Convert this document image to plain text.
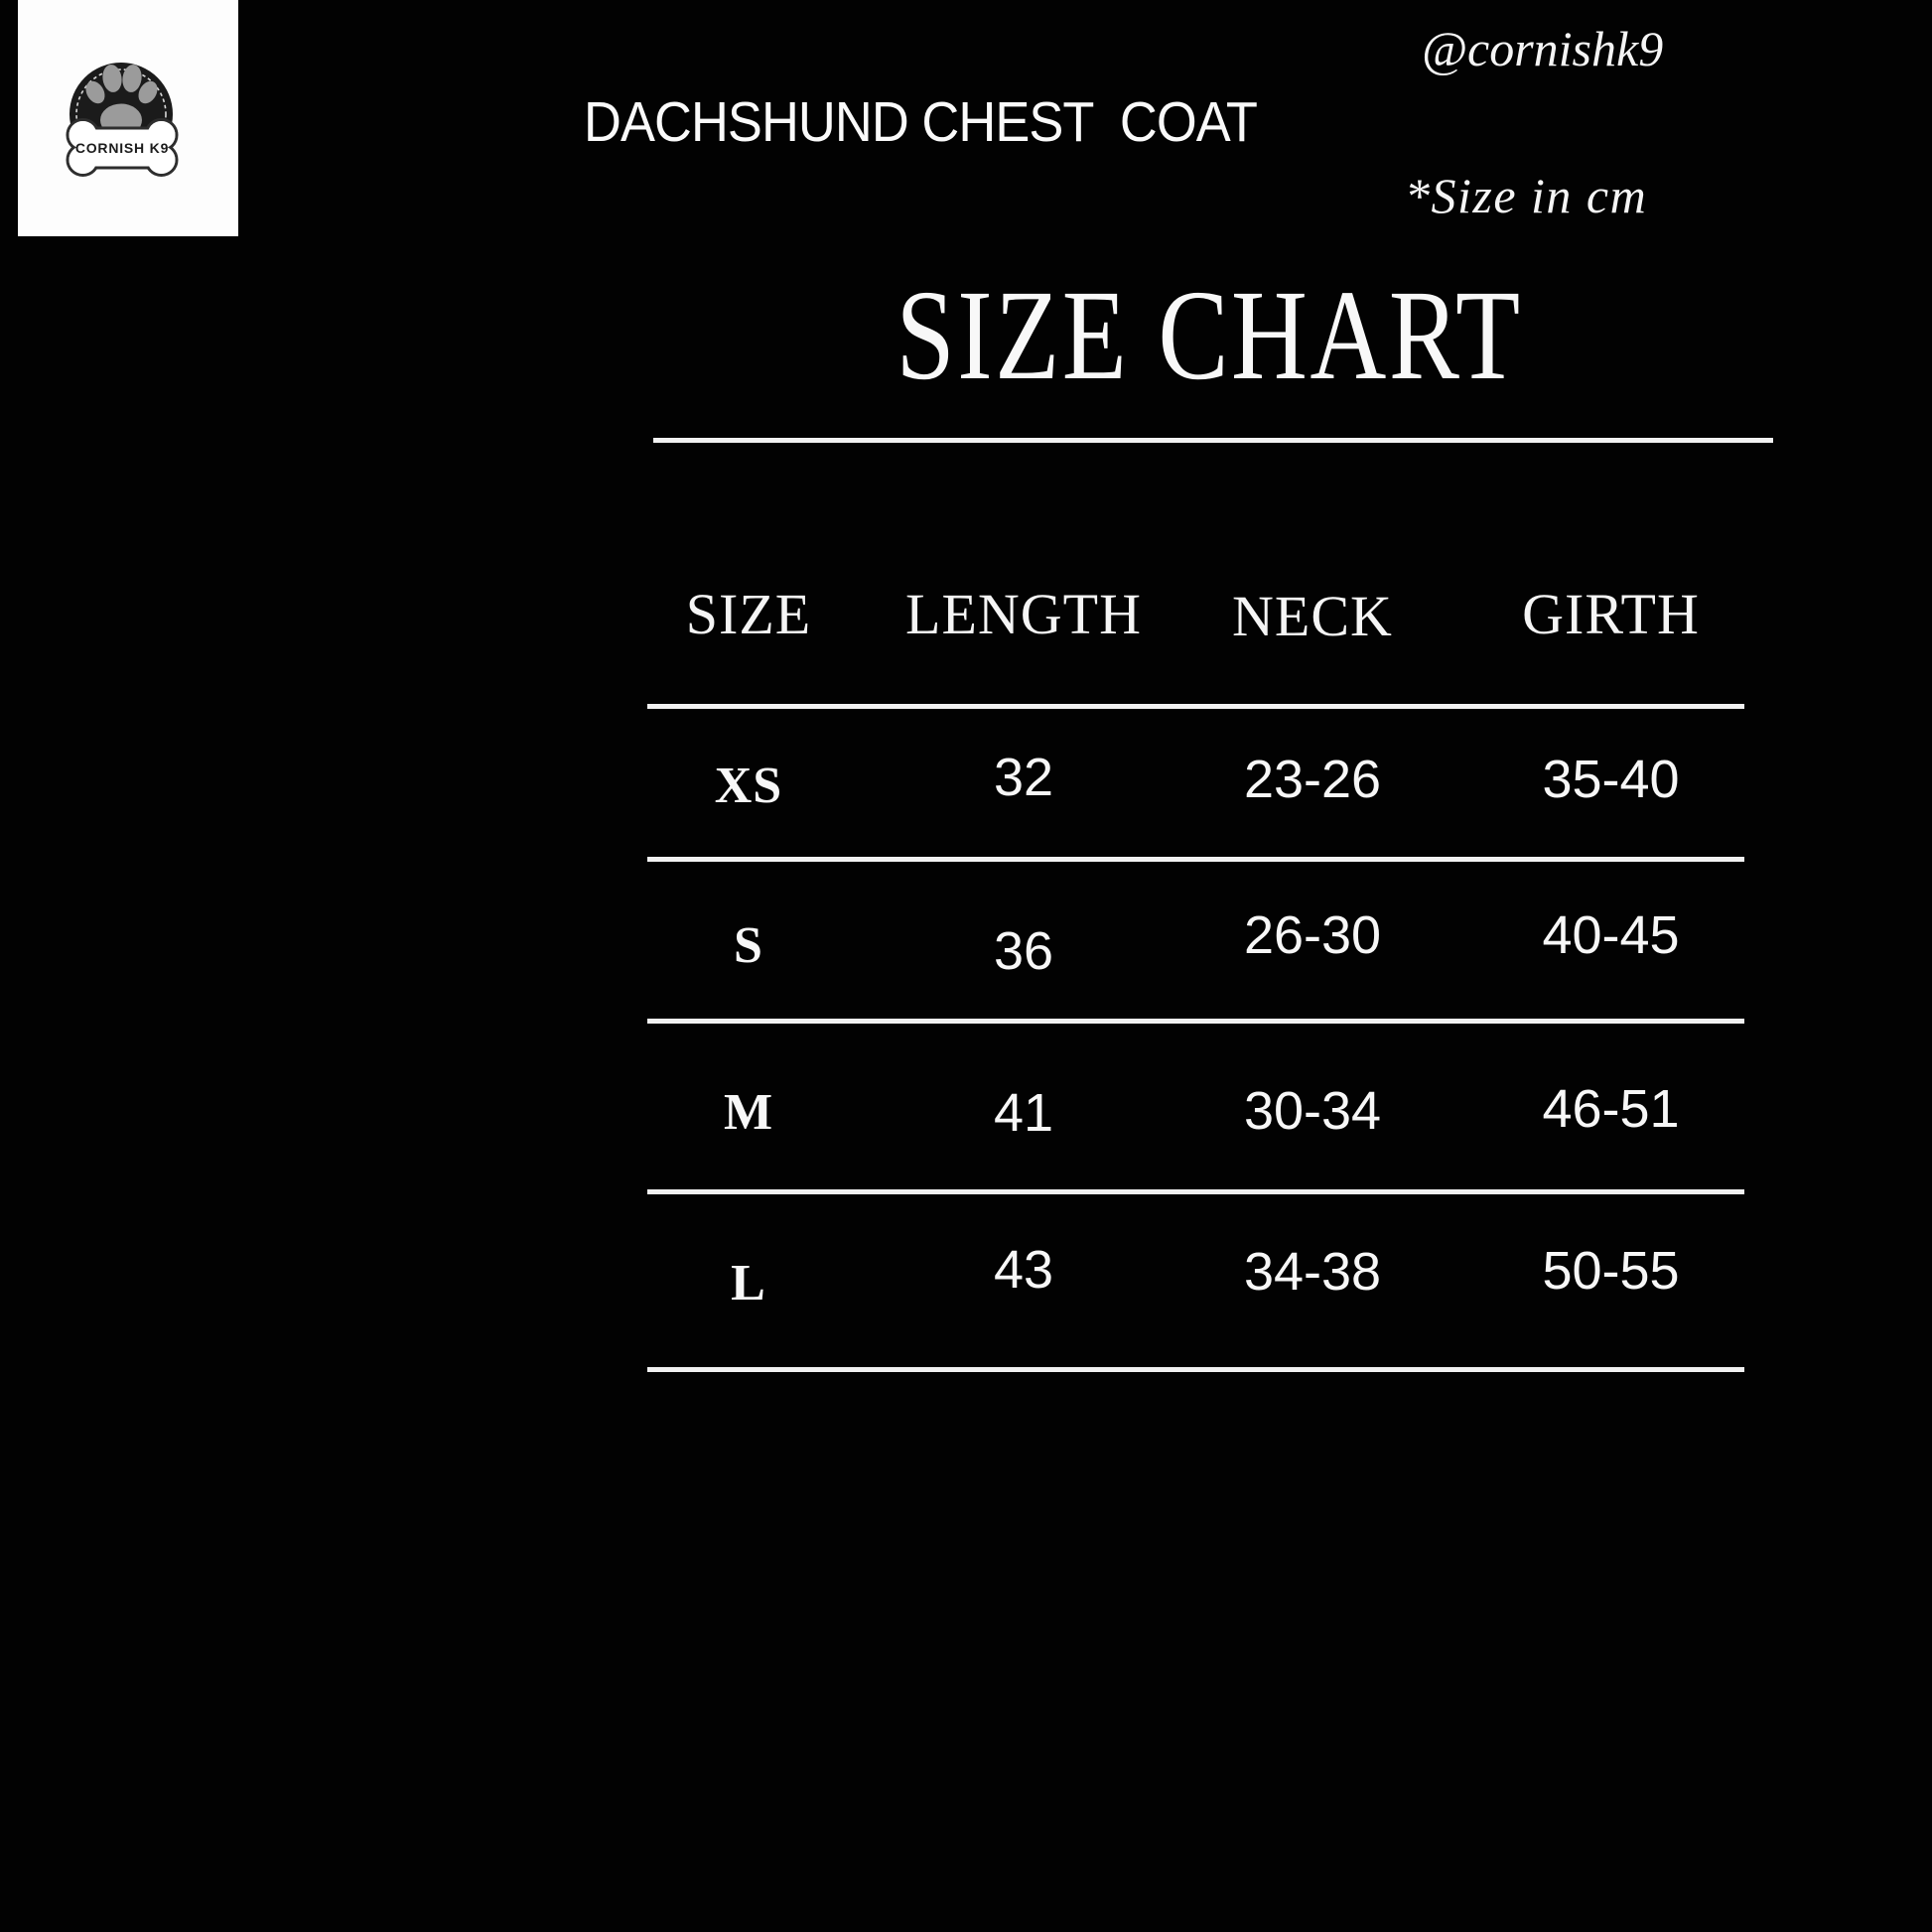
CORNISH K9	DACHSHUND CHEST  COAT
@cornishk9
*Size in cm
SIZE CHART
SIZE	LENGTH	NECK	GIRTH
XS	32	23-26	35-40
S	36	26-30	40-45
M	41	30-34	46-51
L	43	34-38	50-55
